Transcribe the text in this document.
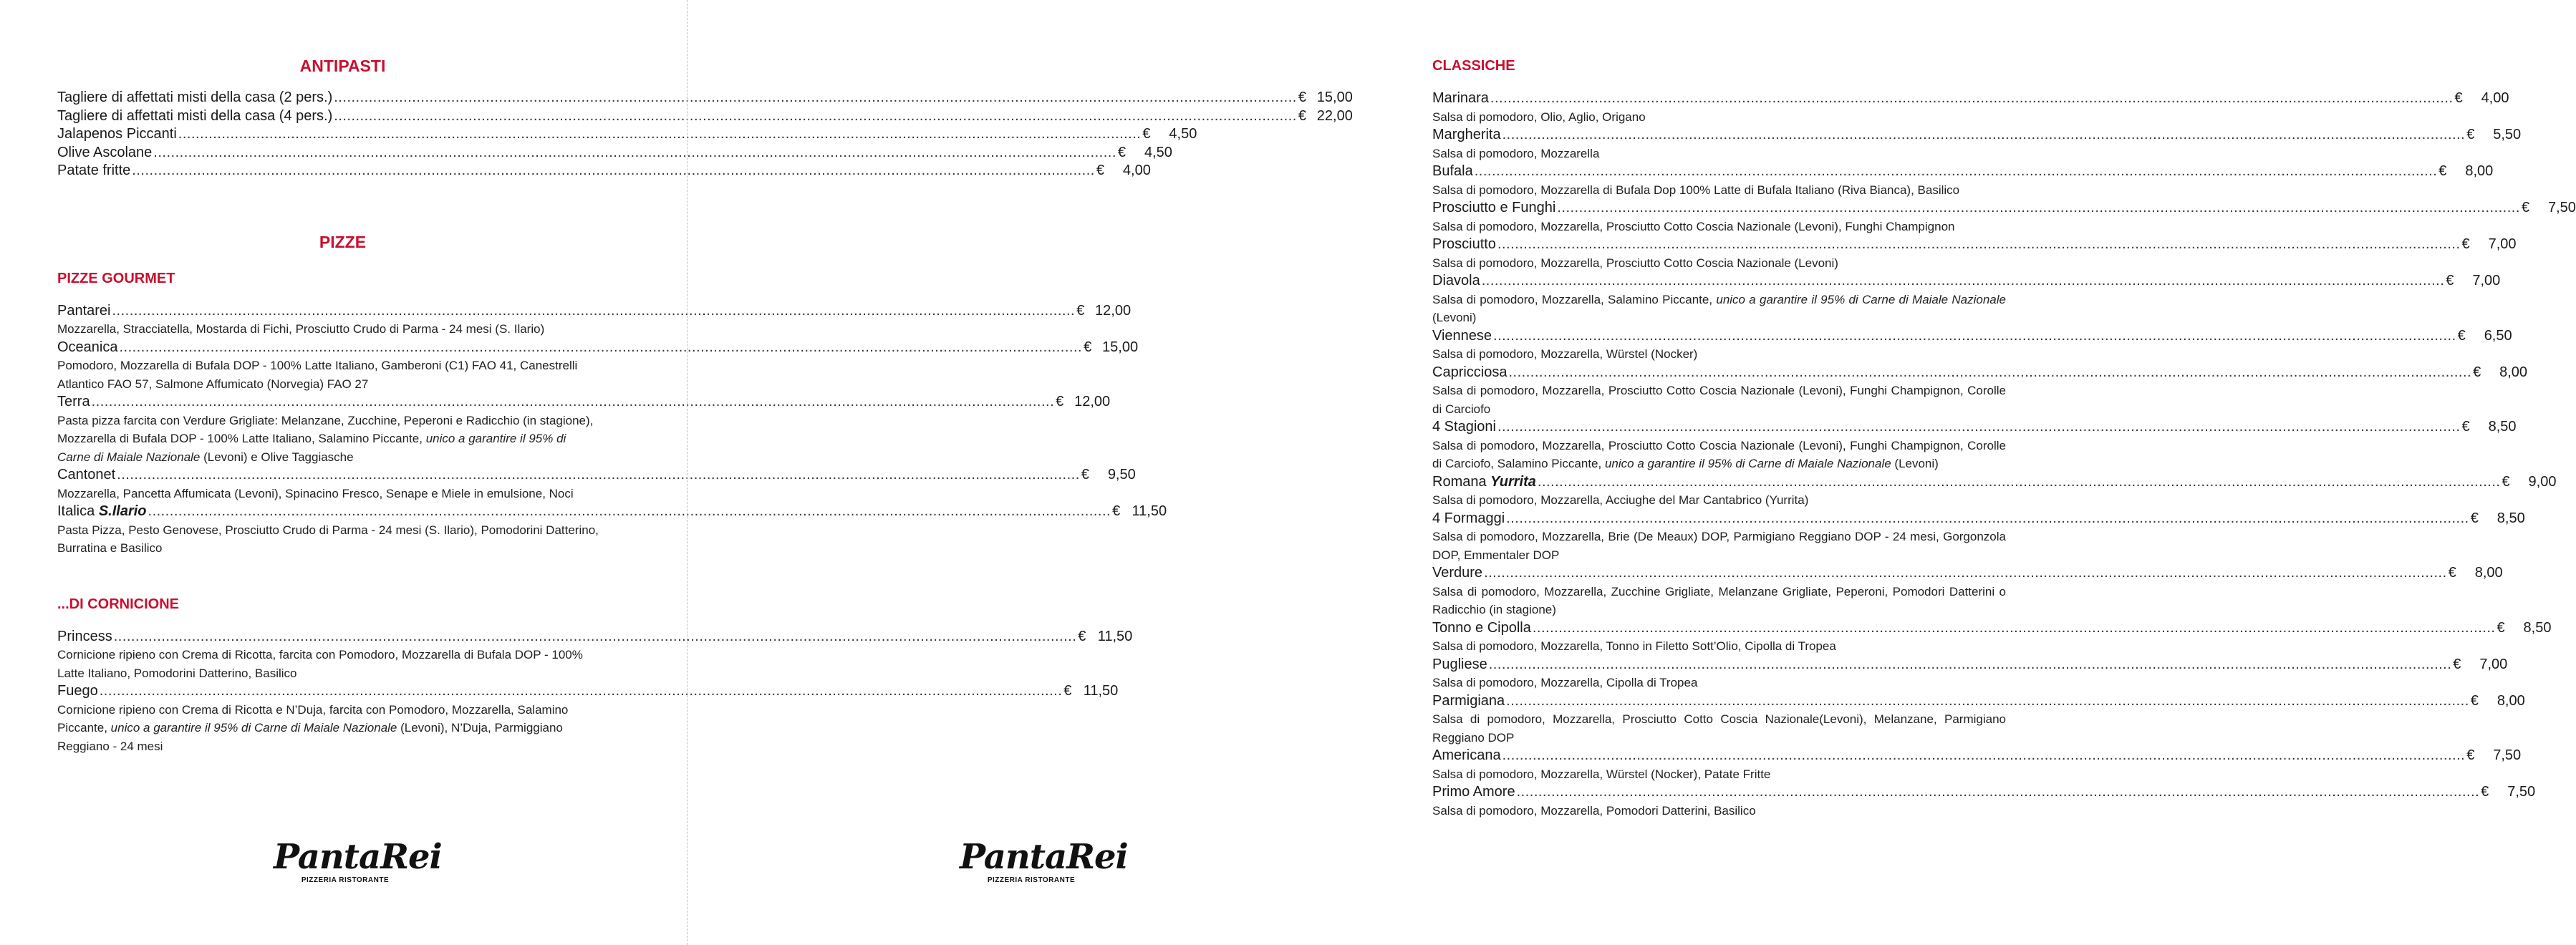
ANTIPASTI
Tagliere di affettati misti della casa (2 pers.) .....	€ 15,00
Tagliere di affettati misti della casa (4 pers.) .....	€ 22,00
Jalapenos Piccanti .....	€	4,50
Olive Ascolane .....	€	4,50
Patate fritte .....	€	4,00
PIZZE
PIZZE GOURMET
Pantarei .....	€ 12,00

Mozzarella, Stracciatella, Mostarda di Fichi, Prosciutto Crudo di Parma - 24 mesi (S. Ilario)

Oceanica .....	€ 15,00

Pomodoro, Mozzarella di Bufala DOP - 100% Latte Italiano, Gamberoni (C1) FAO 41, Canestrelli
Atlantico FAO 57, Salmone Affumicato (Norvegia) FAO 27

Terra .....	€ 12,00

Pasta pizza farcita con Verdure Grigliate: Melanzane, Zucchine, Peperoni e Radicchio (in stagione),
Mozzarella di Bufala DOP - 100% Latte Italiano, Salamino Piccante, unico a garantire il 95% di
Carne di Maiale Nazionale (Levoni) e Olive Taggiasche

Cantonet .....	€	9,50

Mozzarella, Pancetta Affumicata (Levoni), Spinacino Fresco, Senape e Miele in emulsione, Noci

Italica S.Ilario .....	€ 11,50

Pasta Pizza, Pesto Genovese, Prosciutto Crudo di Parma - 24 mesi (S. Ilario), Pomodorini Datterino,
Burratina e Basilico

...DI CORNICIONE
Princess .....	€ 11,50

Cornicione ripieno con Crema di Ricotta, farcita con Pomodoro, Mozzarella di Bufala DOP - 100%
Latte Italiano, Pomodorini Datterino, Basilico

Fuego .....	€ 11,50

Cornicione ripieno con Crema di Ricotta e N’Duja, farcita con Pomodoro, Mozzarella, Salamino
Piccante, unico a garantire il 95% di Carne di Maiale Nazionale (Levoni), N’Duja, Parmiggiano
Reggiano - 24 mesi

PantaRei
PIZZERIA RISTORANTE
CLASSICHE
Marinara .....	€	4,00

Salsa di pomodoro, Olio, Aglio, Origano

Margherita .....	€	5,50

Salsa di pomodoro, Mozzarella

Bufala .....	€	8,00

Salsa di pomodoro, Mozzarella di Bufala Dop 100% Latte di Bufala Italiano (Riva Bianca), Basilico

Prosciutto e Funghi .....	€	7,50

Salsa di pomodoro, Mozzarella, Prosciutto Cotto Coscia Nazionale (Levoni), Funghi Champignon

Prosciutto .....	€	7,00

Salsa di pomodoro, Mozzarella, Prosciutto Cotto Coscia Nazionale (Levoni)

Diavola .....	€	7,00

Salsa di pomodoro, Mozzarella, Salamino Piccante, unico a garantire il 95% di Carne di Maiale Nazionale (Levoni)

Viennese .....	€	6,50

Salsa di pomodoro, Mozzarella, Würstel (Nocker)

Capricciosa .....	€	8,00

Salsa di pomodoro, Mozzarella, Prosciutto Cotto Coscia Nazionale (Levoni), Funghi Champignon, Corolle di Carciofo

4 Stagioni .....	€	8,50

Salsa di pomodoro, Mozzarella, Prosciutto Cotto Coscia Nazionale (Levoni), Funghi Champignon, Corolle di Carciofo, Salamino Piccante, unico a garantire il 95% di Carne di Maiale Nazionale (Levoni)

Romana Yurrita .....	€	9,00

Salsa di pomodoro, Mozzarella, Acciughe del Mar Cantabrico (Yurrita)

4 Formaggi .....	€	8,50

Salsa di pomodoro, Mozzarella, Brie (De Meaux) DOP, Parmigiano Reggiano DOP - 24 mesi, Gorgonzola DOP, Emmentaler DOP

Verdure .....	€	8,00

Salsa di pomodoro, Mozzarella, Zucchine Grigliate, Melanzane Grigliate, Peperoni, Pomodori Datterini o Radicchio (in stagione)

Tonno e Cipolla .....	€	8,50

Salsa di pomodoro, Mozzarella, Tonno in Filetto Sott’Olio, Cipolla di Tropea

Pugliese .....	€	7,00

Salsa di pomodoro, Mozzarella, Cipolla di Tropea

Parmigiana .....	€	8,00

Salsa di pomodoro, Mozzarella, Prosciutto Cotto Coscia Nazionale(Levoni), Melanzane, Parmigiano Reggiano DOP

Americana .....	€	7,50

Salsa di pomodoro, Mozzarella, Würstel (Nocker), Patate Fritte

Primo Amore .....	€	7,50

Salsa di pomodoro, Mozzarella, Pomodori Datterini, Basilico

PantaRei
PIZZERIA RISTORANTE
